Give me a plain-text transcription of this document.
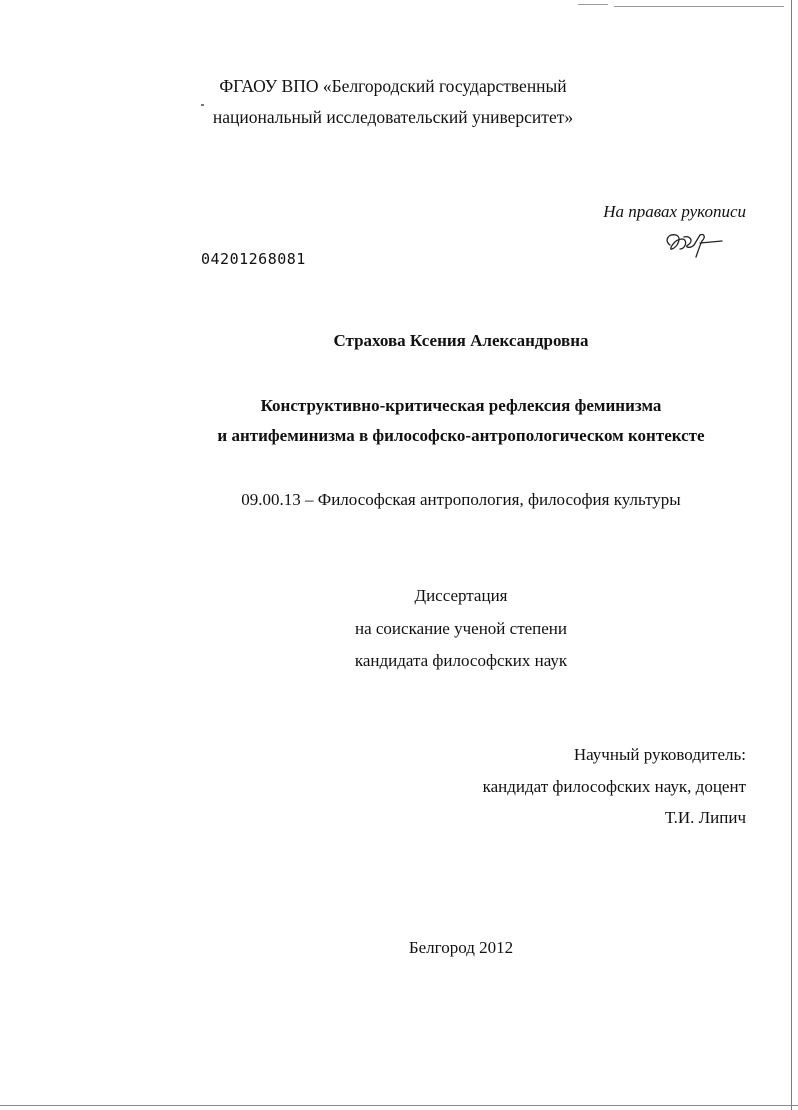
ФГАОУ ВПО «Белгородский государственный
национальный исследовательский университет»
На правах рукописи
04201268081
Страхова Ксения Александровна
Конструктивно-критическая рефлексия феминизма
и антифеминизма в философско-антропологическом контексте
09.00.13 – Философская антропология, философия культуры
Диссертация
на соискание ученой степени
кандидата философских наук
Научный руководитель:
кандидат философских наук, доцент
Т.И. Липич
Белгород 2012
